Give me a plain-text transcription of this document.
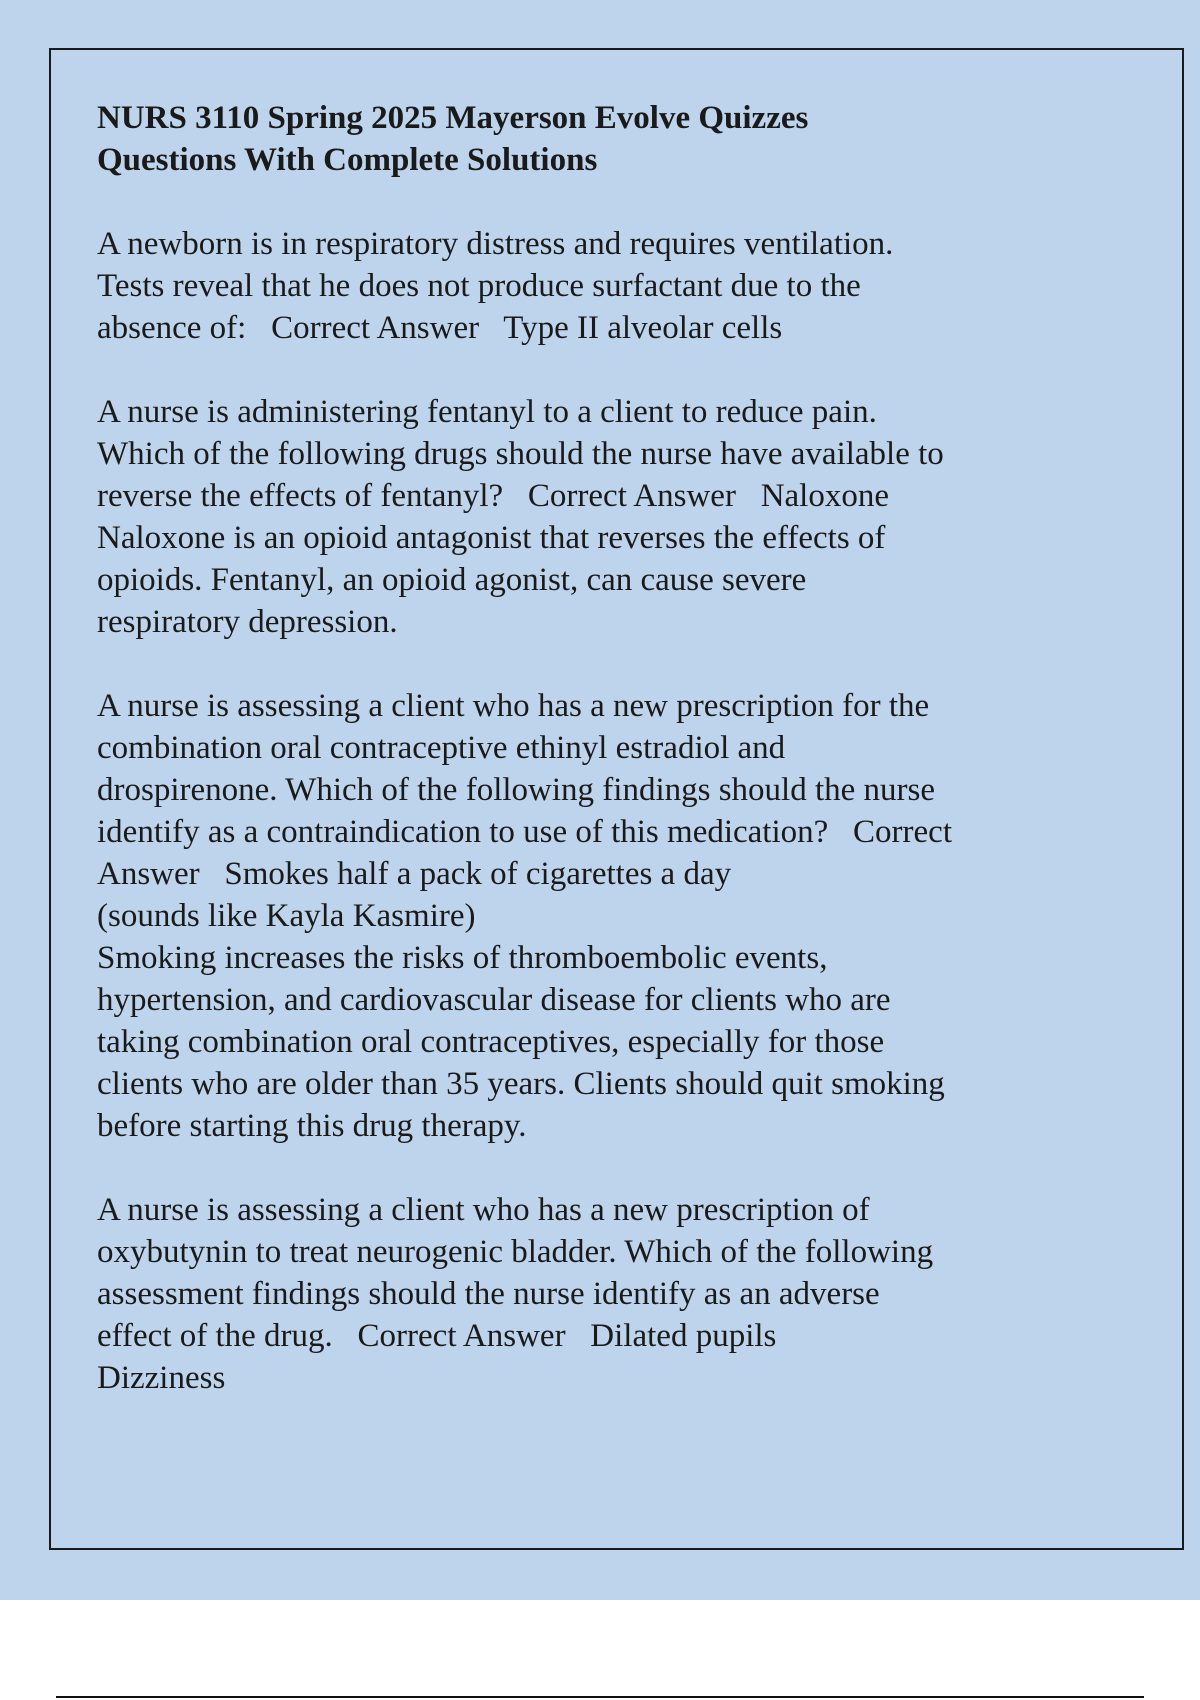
NURS 3110 Spring 2025 Mayerson Evolve Quizzes
Questions With Complete Solutions
A newborn is in respiratory distress and requires ventilation.
Tests reveal that he does not produce surfactant due to the
absence of:   Correct Answer   Type II alveolar cells
A nurse is administering fentanyl to a client to reduce pain.
Which of the following drugs should the nurse have available to
reverse the effects of fentanyl?   Correct Answer   Naloxone
Naloxone is an opioid antagonist that reverses the effects of
opioids. Fentanyl, an opioid agonist, can cause severe
respiratory depression.
A nurse is assessing a client who has a new prescription for the
combination oral contraceptive ethinyl estradiol and
drospirenone. Which of the following findings should the nurse
identify as a contraindication to use of this medication?   Correct
Answer   Smokes half a pack of cigarettes a day
(sounds like Kayla Kasmire)
Smoking increases the risks of thromboembolic events,
hypertension, and cardiovascular disease for clients who are
taking combination oral contraceptives, especially for those
clients who are older than 35 years. Clients should quit smoking
before starting this drug therapy.
A nurse is assessing a client who has a new prescription of
oxybutynin to treat neurogenic bladder. Which of the following
assessment findings should the nurse identify as an adverse
effect of the drug.   Correct Answer   Dilated pupils
Dizziness
